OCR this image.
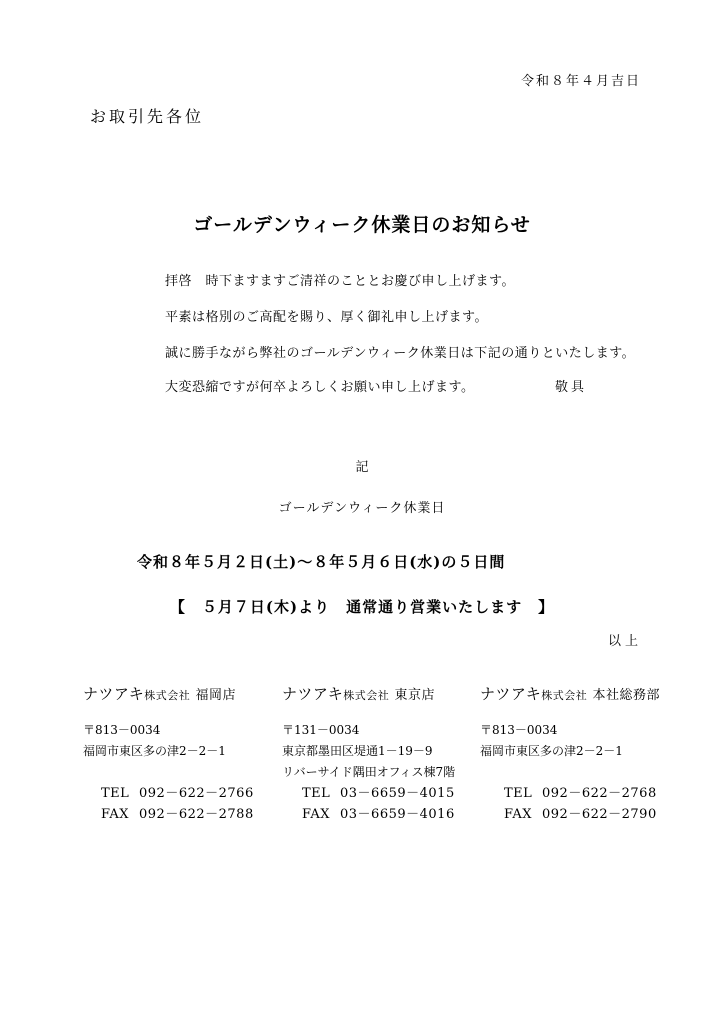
令和８年４月吉日
お取引先各位
ゴールデンウィーク休業日のお知らせ
拝啓　時下ますますご清祥のこととお慶び申し上げます。
平素は格別のご高配を賜り、厚く御礼申し上げます。
誠に勝手ながら弊社のゴールデンウィーク休業日は下記の通りといたします。
大変恐縮ですが何卒よろしくお願い申し上げます。	敬具
記
ゴールデンウィーク休業日
令和８年５月２日(土)～８年５月６日(水)の５日間
【　５月７日(木)より　通常通り営業いたします　】
以上
ナツアキ株式会社 福岡店
〒813－0034
福岡市東区多の津2－2－1
TEL 092－622－2766
FAX 092－622－2788
ナツアキ株式会社 東京店
〒131－0034
東京都墨田区堤通1－19－9
リバーサイド隅田オフィス棟7階
TEL 03－6659－4015
FAX 03－6659－4016
ナツアキ株式会社 本社総務部
〒813－0034
福岡市東区多の津2－2－1
TEL 092－622－2768
FAX 092－622－2790
